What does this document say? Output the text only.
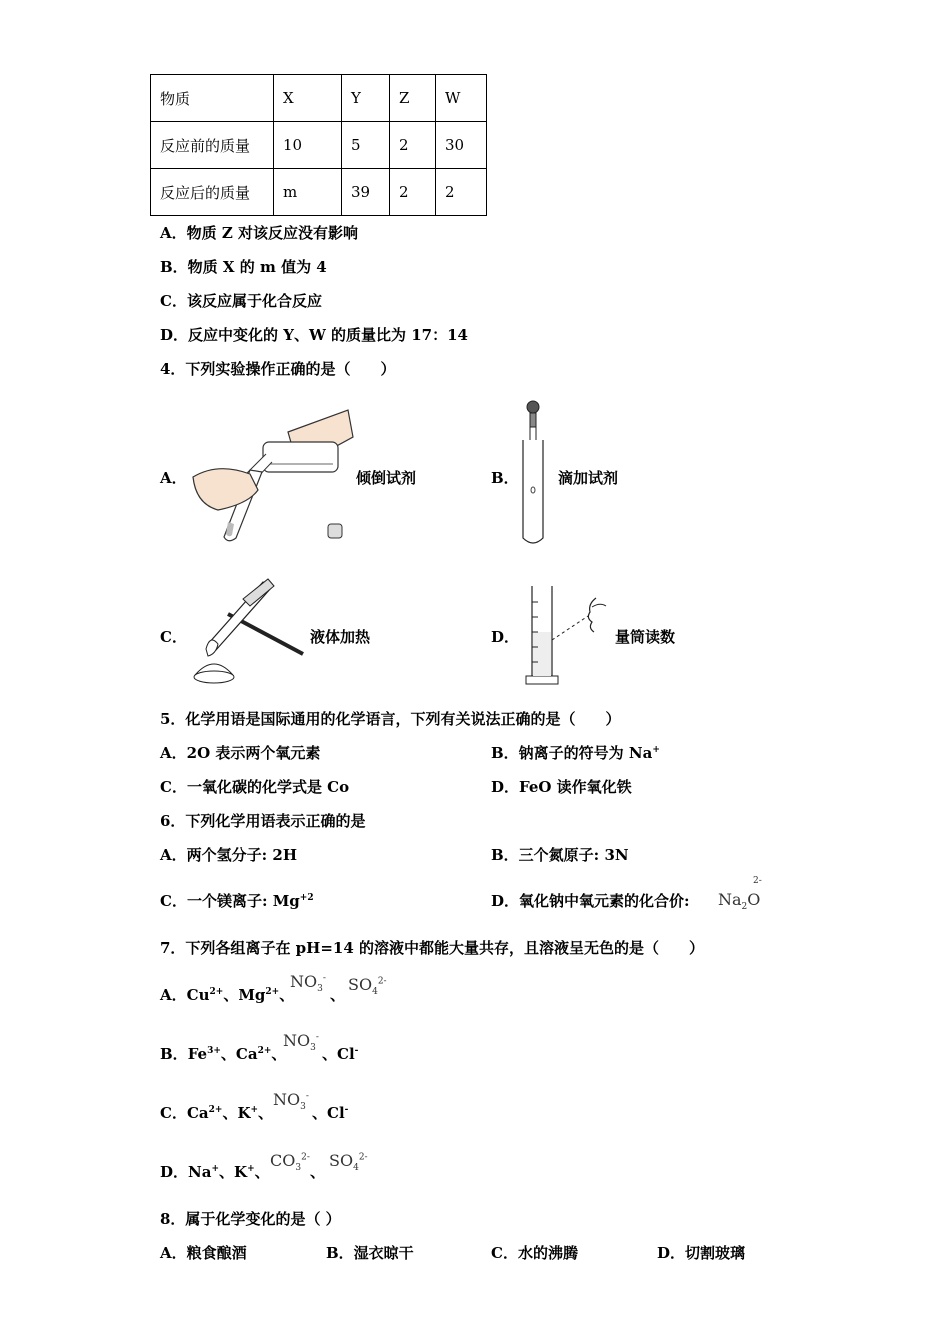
物质	X	Y	Z	W
反应前的质量	10	5	2	30
反应后的质量	m	39	2	2
A．物质 Z 对该反应没有影响
B．物质 X 的 m 值为 4
C．该反应属于化合反应
D．反应中变化的 Y、W 的质量比为 17：14
4．下列实验操作正确的是（　　）
A．	倾倒试剂	B．	滴加试剂
C．	液体加热	D．	量筒读数
5．化学用语是国际通用的化学语言，下列有关说法正确的是（　　）
A．2O 表示两个氧元素	B．钠离子的符号为 Na+
C．一氧化碳的化学式是 Co	D．FeO 读作氧化铁
6．下列化学用语表示正确的是
A．两个氢分子: 2H	B．三个氮原子: 3N
C．一个镁离子: $Mg^{+2}$	D．氧化钠中氧元素的化合价: $Na_2O$
2-
7．下列各组离子在 pH=14 的溶液中都能大量共存，且溶液呈无色的是（　　）
A．$Cu^{2+}$、$Mg^{2+}$、
$NO_3^-$
、
$SO_4^{2-}$
B．$Fe^{3+}$、$Ca^{2+}$、
$NO_3^-$
、Cl-
C．$Ca^{2+}$、K+、
$NO_3^-$
、Cl-
D．Na+、K+、
$CO_3^{2-}$
、
$SO_4^{2-}$
8．属于化学变化的是（ ）
A．粮食酿酒	B．湿衣晾干	C．水的沸腾	D．切割玻璃
